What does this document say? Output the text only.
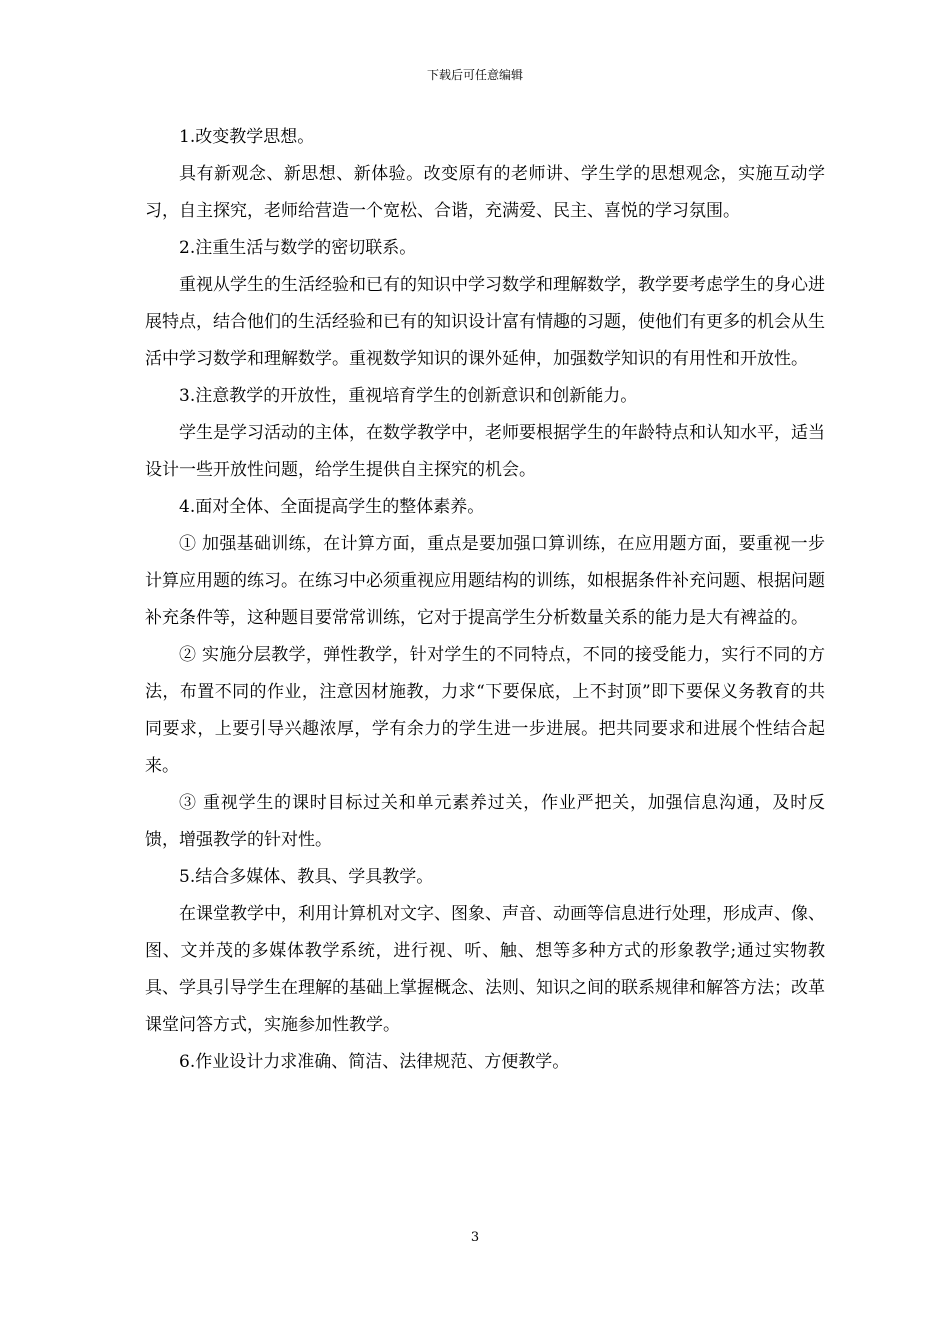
下载后可任意编辑

1.改变教学思想。

具有新观念、新思想、新体验。改变原有的老师讲、学生学的思想观念，实施互动学习，自主探究，老师给营造一个宽松、合谐，充满爱、民主、喜悦的学习氛围。

2.注重生活与数学的密切联系。

重视从学生的生活经验和已有的知识中学习数学和理解数学，教学要考虑学生的身心进展特点，结合他们的生活经验和已有的知识设计富有情趣的习题，使他们有更多的机会从生活中学习数学和理解数学。重视数学知识的课外延伸，加强数学知识的有用性和开放性。

3.注意教学的开放性，重视培育学生的创新意识和创新能力。

学生是学习活动的主体，在数学教学中，老师要根据学生的年龄特点和认知水平，适当设计一些开放性问题，给学生提供自主探究的机会。

4.面对全体、全面提高学生的整体素养。

① 加强基础训练，在计算方面，重点是要加强口算训练，在应用题方面，要重视一步计算应用题的练习。在练习中必须重视应用题结构的训练，如根据条件补充问题、根据问题补充条件等，这种题目要常常训练，它对于提高学生分析数量关系的能力是大有裨益的。

② 实施分层教学，弹性教学，针对学生的不同特点，不同的接受能力，实行不同的方法，布置不同的作业，注意因材施教，力求“下要保底，上不封顶”即下要保义务教育的共同要求，上要引导兴趣浓厚，学有余力的学生进一步进展。把共同要求和进展个性结合起来。

③ 重视学生的课时目标过关和单元素养过关，作业严把关，加强信息沟通，及时反馈，增强教学的针对性。

5.结合多媒体、教具、学具教学。

在课堂教学中，利用计算机对文字、图象、声音、动画等信息进行处理，形成声、像、图、文并茂的多媒体教学系统，进行视、听、触、想等多种方式的形象教学;通过实物教具、学具引导学生在理解的基础上掌握概念、法则、知识之间的联系规律和解答方法；改革课堂问答方式，实施参加性教学。

6.作业设计力求准确、简洁、法律规范、方便教学。

3
